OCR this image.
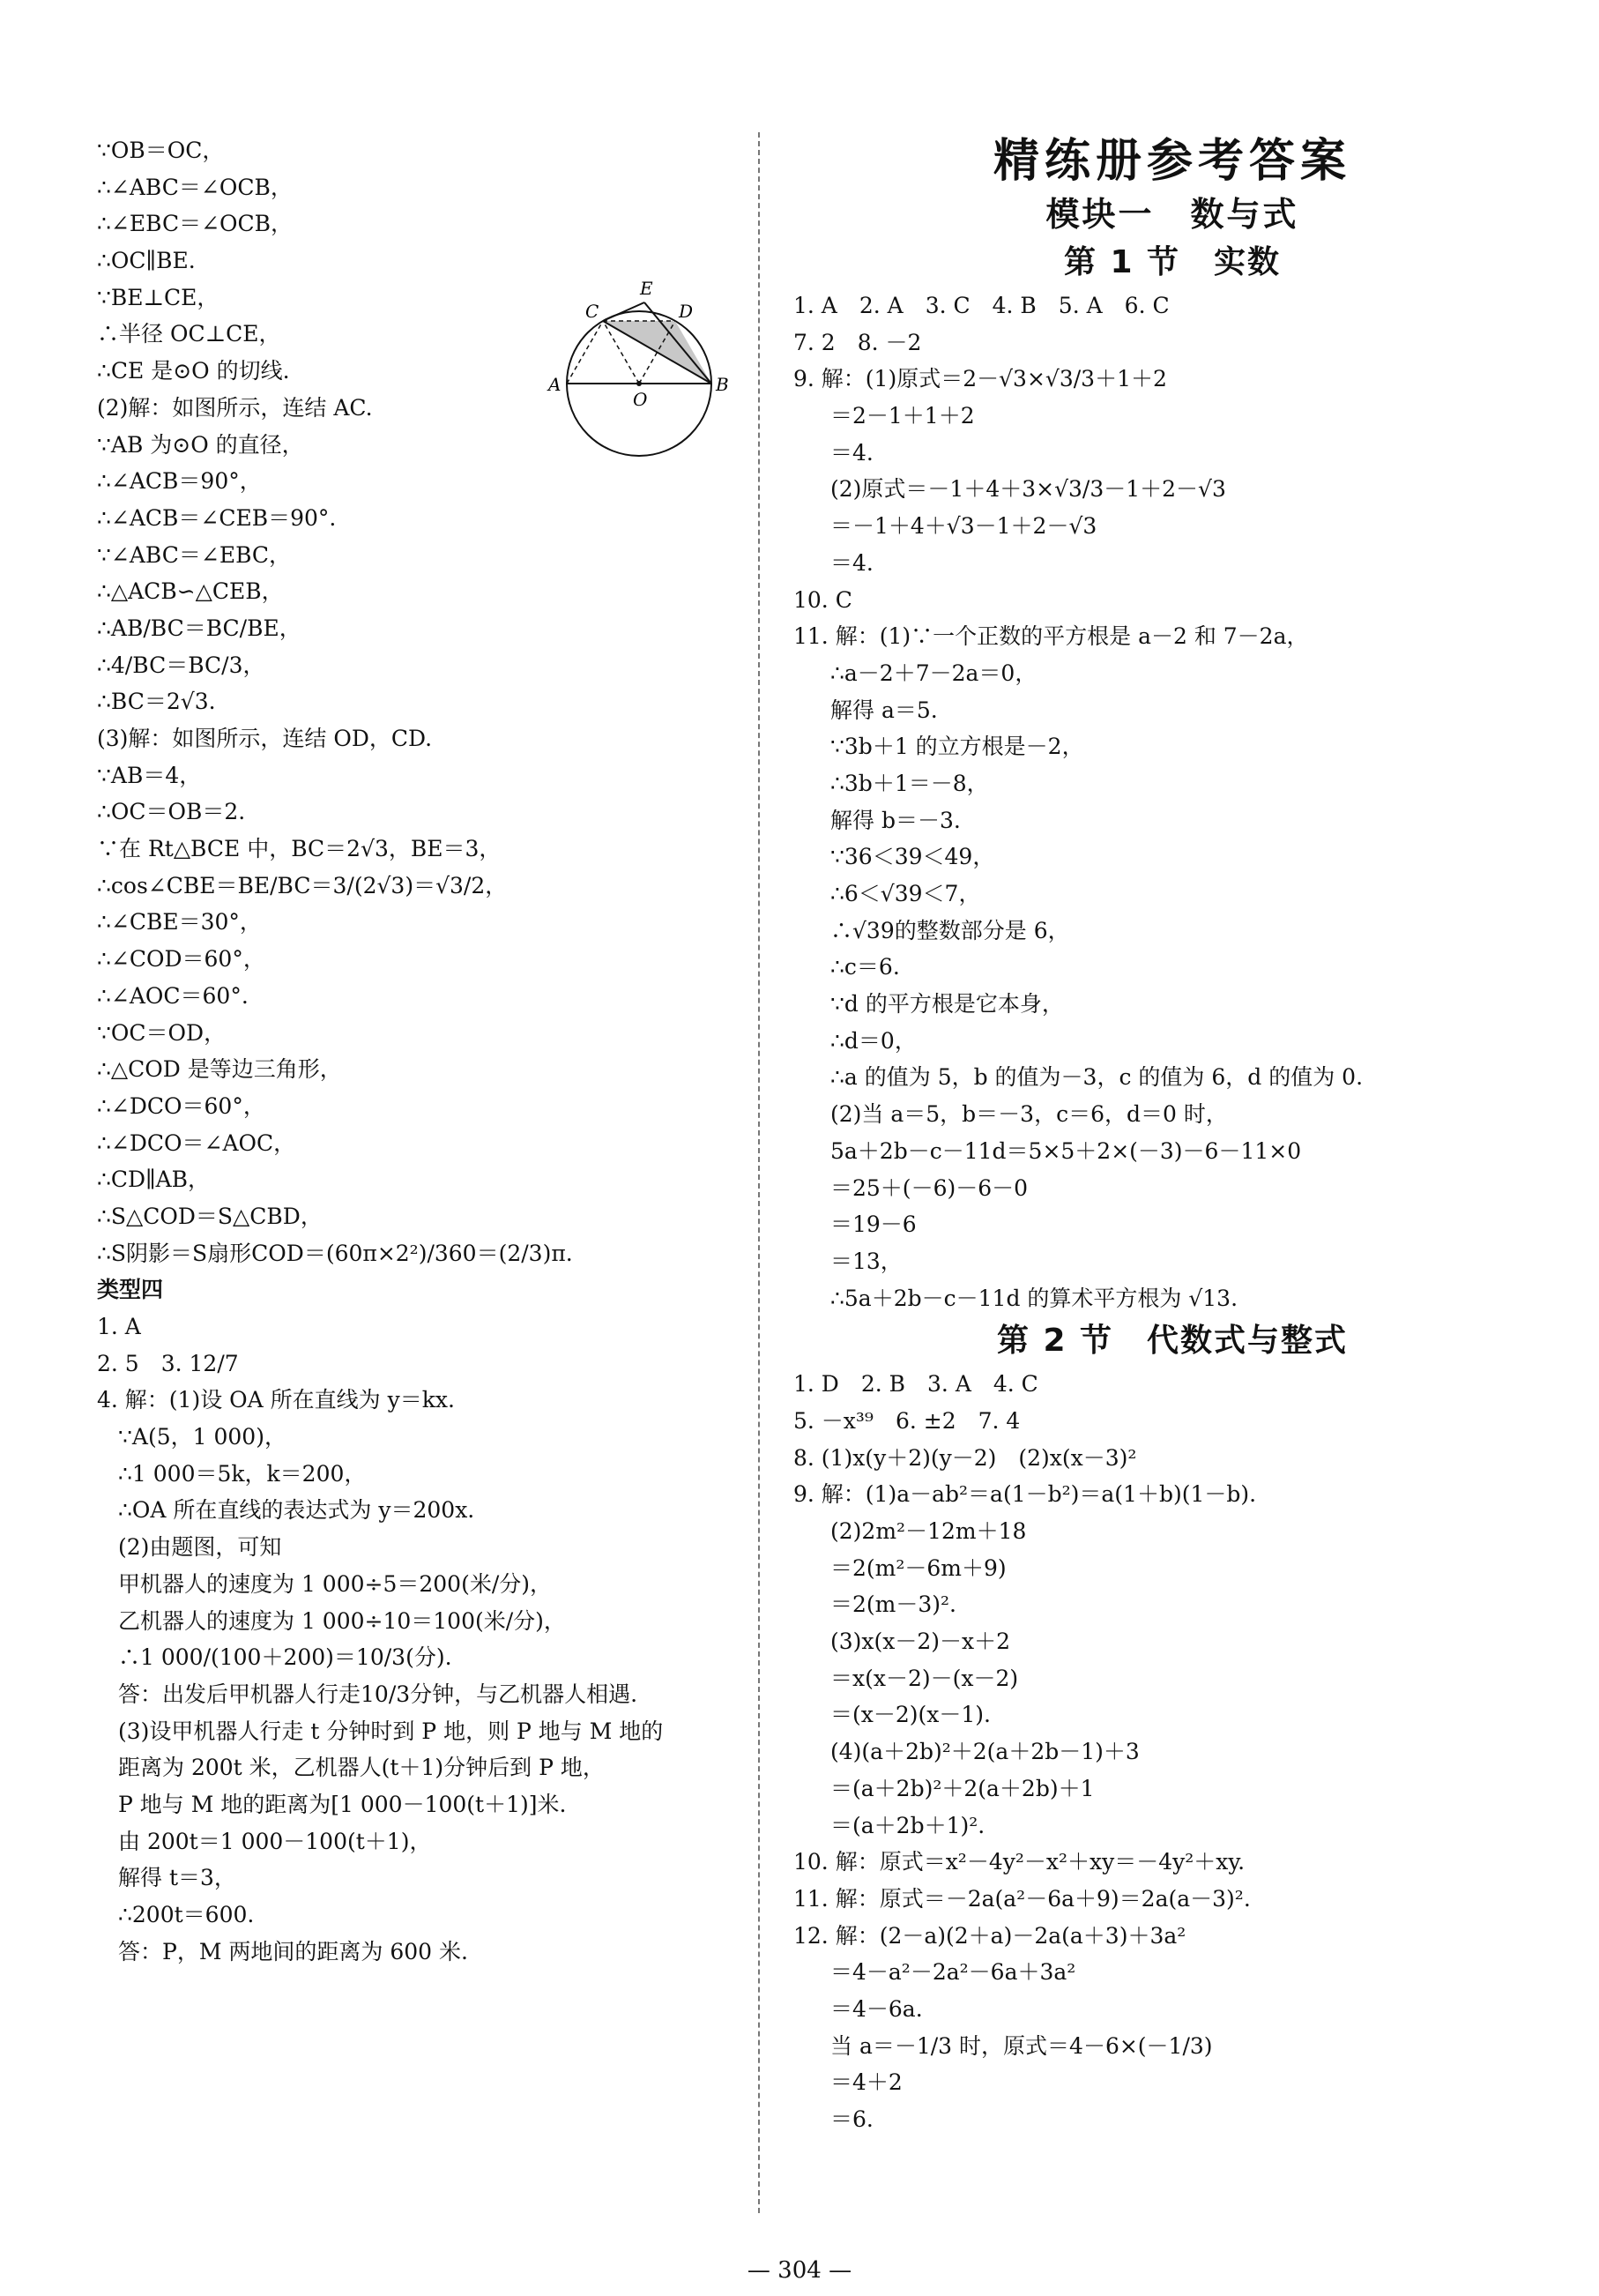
∵OB＝OC，
∴∠ABC＝∠OCB，
∴∠EBC＝∠OCB，
∴OC∥BE.
∵BE⊥CE，
∴半径 OC⊥CE，
∴CE 是⊙O 的切线.
(2)解：如图所示，连结 AC.
∵AB 为⊙O 的直径，
∴∠ACB＝90°，
∴∠ACB＝∠CEB＝90°.
∵∠ABC＝∠EBC，
∴△ACB∽△CEB，
∴AB/BC＝BC/BE，
∴4/BC＝BC/3，
∴BC＝2√3.
(3)解：如图所示，连结 OD，CD.
∵AB＝4，
∴OC＝OB＝2.
∵在 Rt△BCE 中，BC＝2√3，BE＝3，
∴cos∠CBE＝BE/BC＝3/(2√3)＝√3/2，
∴∠CBE＝30°，
∴∠COD＝60°，
∴∠AOC＝60°.
∵OC＝OD，
∴△COD 是等边三角形，
∴∠DCO＝60°，
∴∠DCO＝∠AOC，
∴CD∥AB，
∴S△COD＝S△CBD，
∴S阴影＝S扇形COD＝(60π×2²)/360＝(2/3)π.
类型四
1. A
2. 5　3. 12/7
4. 解：(1)设 OA 所在直线为 y＝kx.
∵A(5，1 000)，
∴1 000＝5k，k＝200，
∴OA 所在直线的表达式为 y＝200x.
(2)由题图，可知
甲机器人的速度为 1 000÷5＝200(米/分)，
乙机器人的速度为 1 000÷10＝100(米/分)，
∴1 000/(100＋200)＝10/3(分).
答：出发后甲机器人行走10/3分钟，与乙机器人相遇.
(3)设甲机器人行走 t 分钟时到 P 地，则 P 地与 M 地的
距离为 200t 米，乙机器人(t＋1)分钟后到 P 地，
P 地与 M 地的距离为[1 000－100(t＋1)]米.
由 200t＝1 000－100(t＋1)，
解得 t＝3，
∴200t＝600.
答：P，M 两地间的距离为 600 米.
E
C	D
A
O
B
精练册参考答案
模块一　数与式
第 1 节　实数
1. A　2. A　3. C　4. B　5. A　6. C
7. 2　8. －2
9. 解：(1)原式＝2－√3×√3/3＋1＋2
＝2－1＋1＋2
＝4.
(2)原式＝－1＋4＋3×√3/3－1＋2－√3
＝－1＋4＋√3－1＋2－√3
＝4.
10. C
11. 解：(1)∵一个正数的平方根是 a－2 和 7－2a，
∴a－2＋7－2a＝0，
解得 a＝5.
∵3b＋1 的立方根是－2，
∴3b＋1＝－8，
解得 b＝－3.
∵36＜39＜49，
∴6＜√39＜7，
∴√39的整数部分是 6，
∴c＝6.
∵d 的平方根是它本身，
∴d＝0，
∴a 的值为 5，b 的值为－3，c 的值为 6，d 的值为 0.
(2)当 a＝5，b＝－3，c＝6，d＝0 时，
5a＋2b－c－11d＝5×5＋2×(－3)－6－11×0
＝25＋(－6)－6－0
＝19－6
＝13，
∴5a＋2b－c－11d 的算术平方根为 √13.
第 2 节　代数式与整式
1. D　2. B　3. A　4. C
5. －x³⁹　6. ±2　7. 4
8. (1)x(y＋2)(y－2)　(2)x(x－3)²
9. 解：(1)a－ab²＝a(1－b²)＝a(1＋b)(1－b).
(2)2m²－12m＋18
＝2(m²－6m＋9)
＝2(m－3)².
(3)x(x－2)－x＋2
＝x(x－2)－(x－2)
＝(x－2)(x－1).
(4)(a＋2b)²＋2(a＋2b－1)＋3
＝(a＋2b)²＋2(a＋2b)＋1
＝(a＋2b＋1)².
10. 解：原式＝x²－4y²－x²＋xy＝－4y²＋xy.
11. 解：原式＝－2a(a²－6a＋9)＝2a(a－3)².
12. 解：(2－a)(2＋a)－2a(a＋3)＋3a²
＝4－a²－2a²－6a＋3a²
＝4－6a.
当 a＝－1/3 时，原式＝4－6×(－1/3)
＝4＋2
＝6.
— 304 —
